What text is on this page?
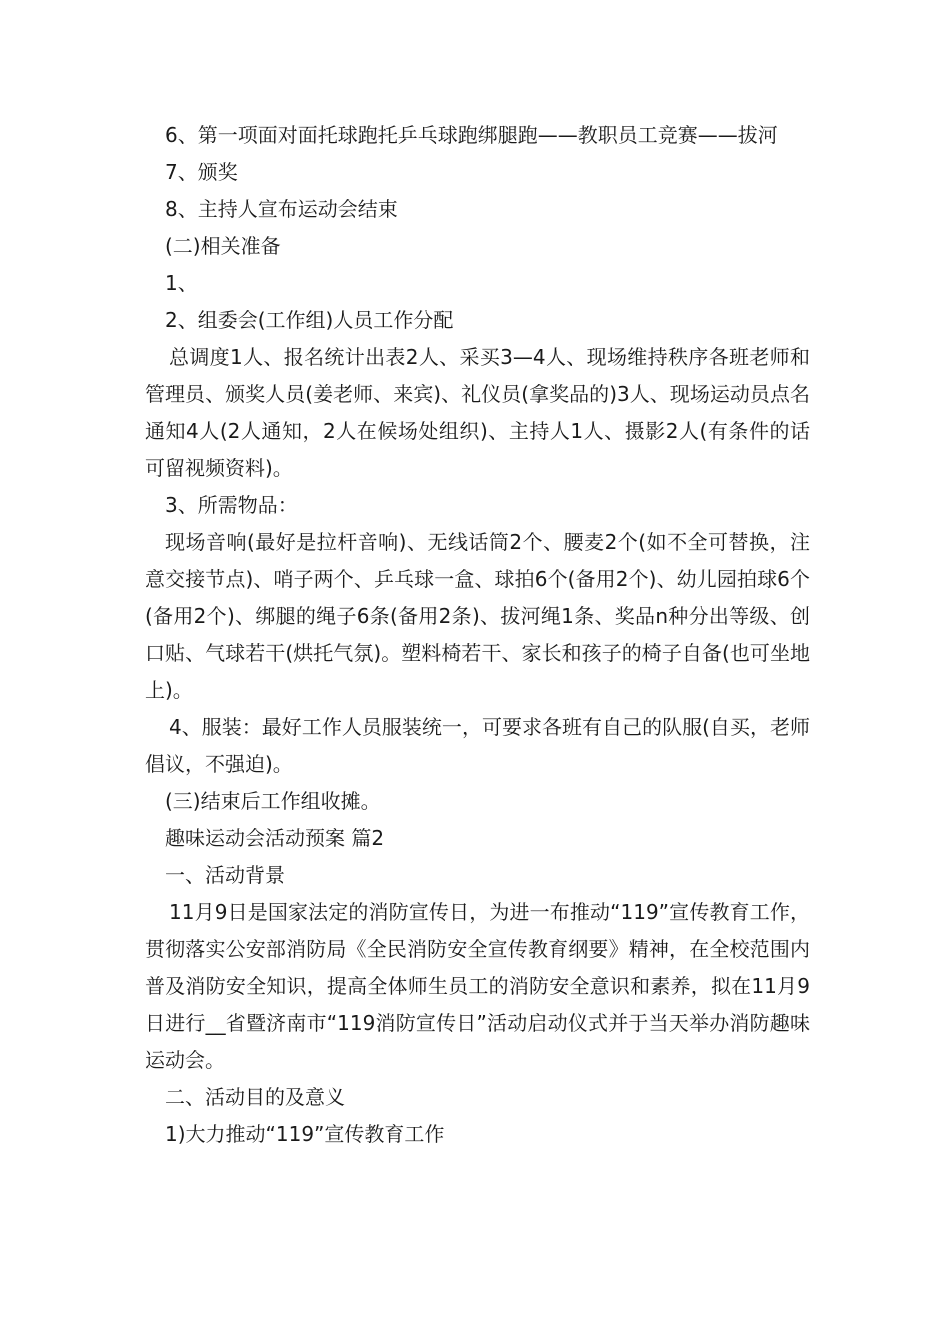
6、第一项面对面托球跑托乒乓球跑绑腿跑——教职员工竞赛——拔河

7、颁奖

8、主持人宣布运动会结束

(二)相关准备

1、

2、组委会(工作组)人员工作分配

总调度1人、报名统计出表2人、采买3—4人、现场维持秩序各班老师和管理员、颁奖人员(姜老师、来宾)、礼仪员(拿奖品的)3人、现场运动员点名通知4人(2人通知，2人在候场处组织)、主持人1人、摄影2人(有条件的话可留视频资料)。

3、所需物品：

现场音响(最好是拉杆音响)、无线话筒2个、腰麦2个(如不全可替换，注意交接节点)、哨子两个、乒乓球一盒、球拍6个(备用2个)、幼儿园拍球6个(备用2个)、绑腿的绳子6条(备用2条)、拔河绳1条、奖品n种分出等级、创口贴、气球若干(烘托气氛)。塑料椅若干、家长和孩子的椅子自备(也可坐地上)。

4、服装：最好工作人员服装统一，可要求各班有自己的队服(自买，老师倡议，不强迫)。

(三)结束后工作组收摊。

趣味运动会活动预案 篇2

一、活动背景

11月9日是国家法定的消防宣传日，为进一布推动“119”宣传教育工作，贯彻落实公安部消防局《全民消防安全宣传教育纲要》精神，在全校范围内普及消防安全知识，提高全体师生员工的消防安全意识和素养，拟在11月9日进行__省暨济南市“119消防宣传日”活动启动仪式并于当天举办消防趣味运动会。

二、活动目的及意义

1)大力推动“119”宣传教育工作
